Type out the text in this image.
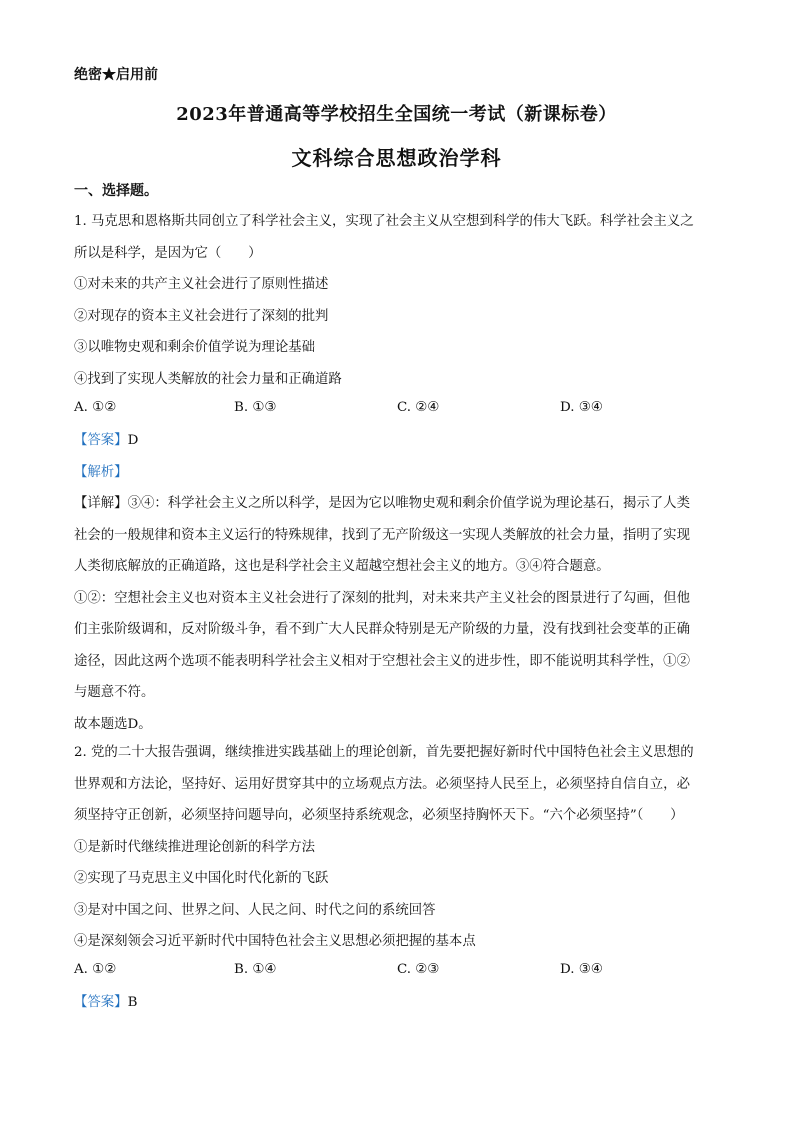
绝密★启用前
2023年普通高等学校招生全国统一考试（新课标卷）
文科综合思想政治学科
一、选择题。
1. 马克思和恩格斯共同创立了科学社会主义，实现了社会主义从空想到科学的伟大飞跃。科学社会主义之
所以是科学，是因为它（　　）
①对未来的共产主义社会进行了原则性描述
②对现存的资本主义社会进行了深刻的批判
③以唯物史观和剩余价值学说为理论基础
④找到了实现人类解放的社会力量和正确道路
A. ①②	B. ①③	C. ②④	D. ③④
【答案】D
【解析】
【详解】③④：科学社会主义之所以科学，是因为它以唯物史观和剩余价值学说为理论基石，揭示了人类
社会的一般规律和资本主义运行的特殊规律，找到了无产阶级这一实现人类解放的社会力量，指明了实现
人类彻底解放的正确道路，这也是科学社会主义超越空想社会主义的地方。③④符合题意。
①②：空想社会主义也对资本主义社会进行了深刻的批判，对未来共产主义社会的图景进行了勾画，但他
们主张阶级调和，反对阶级斗争，看不到广大人民群众特别是无产阶级的力量，没有找到社会变革的正确
途径，因此这两个选项不能表明科学社会主义相对于空想社会主义的进步性，即不能说明其科学性，①②
与题意不符。
故本题选D。
2. 党的二十大报告强调，继续推进实践基础上的理论创新，首先要把握好新时代中国特色社会主义思想的
世界观和方法论，坚持好、运用好贯穿其中的立场观点方法。必须坚持人民至上，必须坚持自信自立，必
须坚持守正创新，必须坚持问题导向，必须坚持系统观念，必须坚持胸怀天下。“六个必须坚持”（　　）
①是新时代继续推进理论创新的科学方法
②实现了马克思主义中国化时代化新的飞跃
③是对中国之问、世界之问、人民之问、时代之问的系统回答
④是深刻领会习近平新时代中国特色社会主义思想必须把握的基本点
A. ①②	B. ①④	C. ②③	D. ③④
【答案】B
